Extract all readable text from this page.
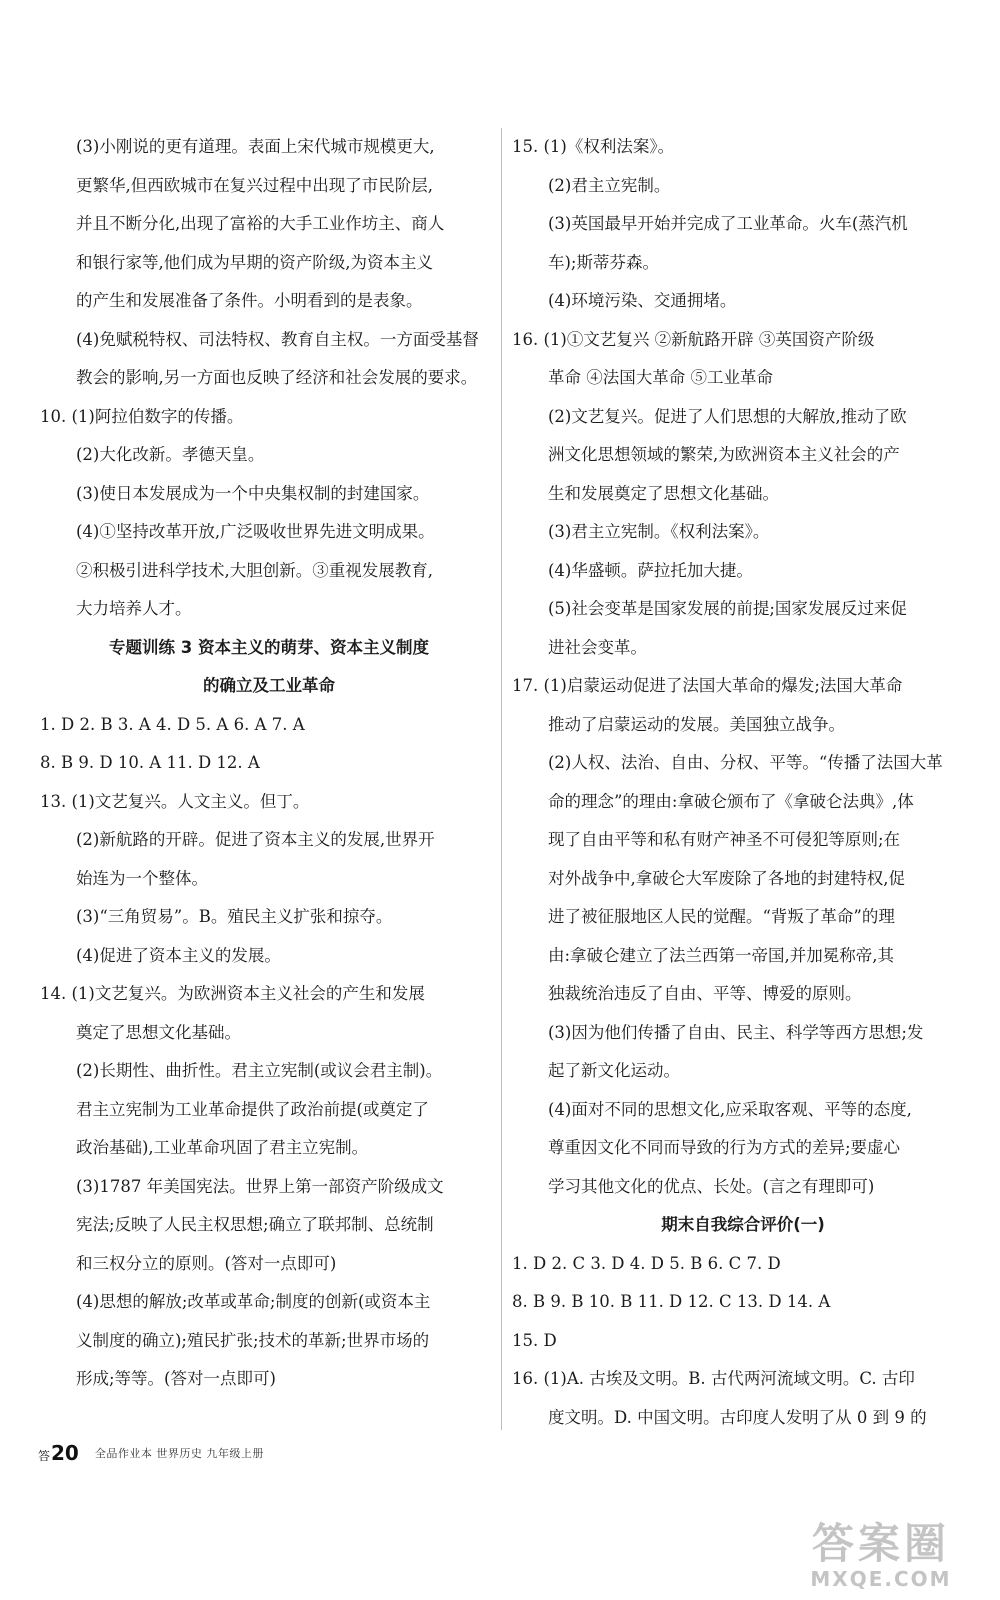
(3)小刚说的更有道理。表面上宋代城市规模更大,
更繁华,但西欧城市在复兴过程中出现了市民阶层,
并且不断分化,出现了富裕的大手工业作坊主、商人
和银行家等,他们成为早期的资产阶级,为资本主义
的产生和发展准备了条件。小明看到的是表象。
(4)免赋税特权、司法特权、教育自主权。一方面受基督
教会的影响,另一方面也反映了经济和社会发展的要求。
10. (1)阿拉伯数字的传播。
(2)大化改新。孝德天皇。
(3)使日本发展成为一个中央集权制的封建国家。
(4)①坚持改革开放,广泛吸收世界先进文明成果。
②积极引进科学技术,大胆创新。③重视发展教育,
大力培养人才。
专题训练 3 资本主义的萌芽、资本主义制度
的确立及工业革命
1. D 2. B 3. A 4. D 5. A 6. A 7. A
8. B 9. D 10. A 11. D 12. A
13. (1)文艺复兴。人文主义。但丁。
(2)新航路的开辟。促进了资本主义的发展,世界开
始连为一个整体。
(3)“三角贸易”。B。殖民主义扩张和掠夺。
(4)促进了资本主义的发展。
14. (1)文艺复兴。为欧洲资本主义社会的产生和发展
奠定了思想文化基础。
(2)长期性、曲折性。君主立宪制(或议会君主制)。
君主立宪制为工业革命提供了政治前提(或奠定了
政治基础),工业革命巩固了君主立宪制。
(3)1787 年美国宪法。世界上第一部资产阶级成文
宪法;反映了人民主权思想;确立了联邦制、总统制
和三权分立的原则。(答对一点即可)
(4)思想的解放;改革或革命;制度的创新(或资本主
义制度的确立);殖民扩张;技术的革新;世界市场的
形成;等等。(答对一点即可)
15. (1)《权利法案》。
(2)君主立宪制。
(3)英国最早开始并完成了工业革命。火车(蒸汽机
车);斯蒂芬森。
(4)环境污染、交通拥堵。
16. (1)①文艺复兴 ②新航路开辟 ③英国资产阶级
革命 ④法国大革命 ⑤工业革命
(2)文艺复兴。促进了人们思想的大解放,推动了欧
洲文化思想领域的繁荣,为欧洲资本主义社会的产
生和发展奠定了思想文化基础。
(3)君主立宪制。《权利法案》。
(4)华盛顿。萨拉托加大捷。
(5)社会变革是国家发展的前提;国家发展反过来促
进社会变革。
17. (1)启蒙运动促进了法国大革命的爆发;法国大革命
推动了启蒙运动的发展。美国独立战争。
(2)人权、法治、自由、分权、平等。“传播了法国大革
命的理念”的理由:拿破仑颁布了《拿破仑法典》,体
现了自由平等和私有财产神圣不可侵犯等原则;在
对外战争中,拿破仑大军废除了各地的封建特权,促
进了被征服地区人民的觉醒。“背叛了革命”的理
由:拿破仑建立了法兰西第一帝国,并加冕称帝,其
独裁统治违反了自由、平等、博爱的原则。
(3)因为他们传播了自由、民主、科学等西方思想;发
起了新文化运动。
(4)面对不同的思想文化,应采取客观、平等的态度,
尊重因文化不同而导致的行为方式的差异;要虚心
学习其他文化的优点、长处。(言之有理即可)
期末自我综合评价(一)
1. D 2. C 3. D 4. D 5. B 6. C 7. D
8. B 9. B 10. B 11. D 12. C 13. D 14. A
15. D
16. (1)A. 古埃及文明。B. 古代两河流域文明。C. 古印
度文明。D. 中国文明。古印度人发明了从 0 到 9 的
答20 全品作业本 世界历史 九年级上册
答案圈
MXQE.COM
